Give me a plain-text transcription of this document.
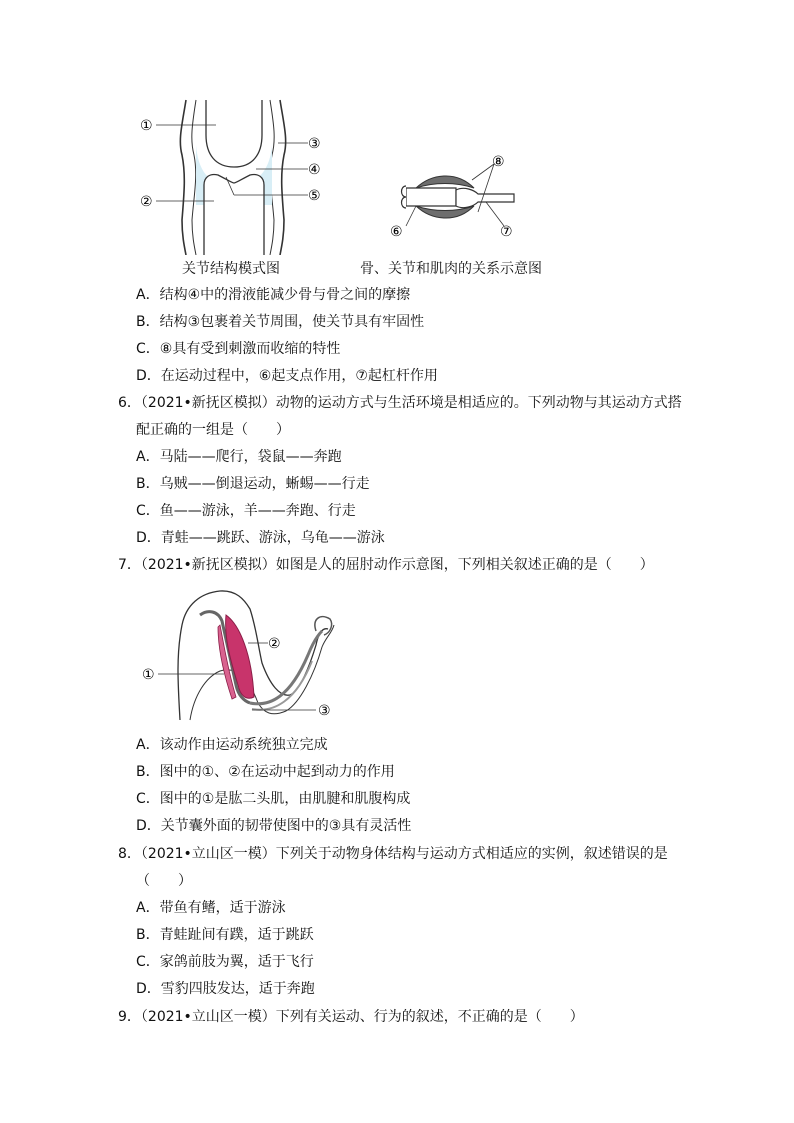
①
②
③
④
⑤
关节结构模式图
⑧
⑥	⑦
骨、关节和肌肉的关系示意图
A．结构④中的滑液能减少骨与骨之间的摩擦
B．结构③包裹着关节周围，使关节具有牢固性
C．⑧具有受到刺激而收缩的特性
D．在运动过程中，⑥起支点作用，⑦起杠杆作用
6．（2021•新抚区模拟）动物的运动方式与生活环境是相适应的。下列动物与其运动方式搭
配正确的一组是（　　）
A．马陆——爬行，袋鼠——奔跑
B．乌贼——倒退运动，蜥蜴——行走
C．鱼——游泳，羊——奔跑、行走
D．青蛙——跳跃、游泳，乌龟——游泳
7．（2021•新抚区模拟）如图是人的屈肘动作示意图，下列相关叙述正确的是（　　）
①
②
③
A．该动作由运动系统独立完成
B．图中的①、②在运动中起到动力的作用
C．图中的①是肱二头肌，由肌腱和肌腹构成
D．关节囊外面的韧带使图中的③具有灵活性
8．（2021•立山区一模）下列关于动物身体结构与运动方式相适应的实例，叙述错误的是
（　　）
A．带鱼有鳍，适于游泳
B．青蛙趾间有蹼，适于跳跃
C．家鸽前肢为翼，适于飞行
D．雪豹四肢发达，适于奔跑
9．（2021•立山区一模）下列有关运动、行为的叙述，不正确的是（　　）
